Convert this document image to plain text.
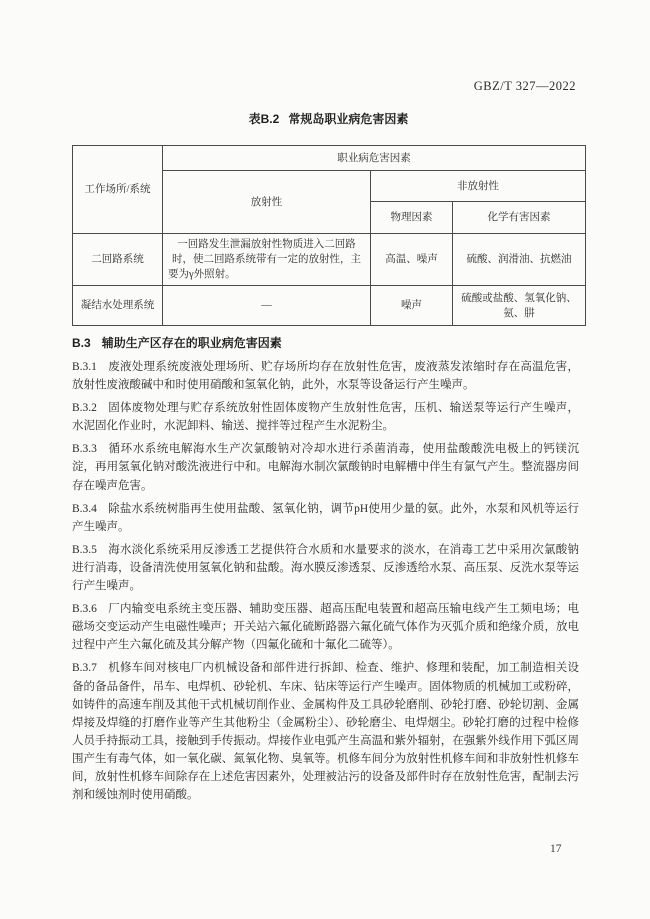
GBZ/T 327—2022
表B.2 常规岛职业病危害因素
工作场所/系统	职业病危害因素		
	放射性	非放射性	
		物理因素	化学有害因素
二回路系统	一回路发生泄漏放射性物质进入二回路时，使二回路系统带有一定的放射性，主要为γ外照射。	高温、噪声	硫酸、润滑油、抗燃油
凝结水处理系统	—	噪声	硫酸或盐酸、氢氧化钠、氨、肼
B.3 辅助生产区存在的职业病危害因素

B.3.1 废液处理系统废液处理场所、贮存场所均存在放射性危害，废液蒸发浓缩时存在高温危害，放射性废液酸碱中和时使用硝酸和氢氧化钠，此外，水泵等设备运行产生噪声。

B.3.2 固体废物处理与贮存系统放射性固体废物产生放射性危害，压机、输送泵等运行产生噪声，水泥固化作业时，水泥卸料、输送、搅拌等过程产生水泥粉尘。

B.3.3 循环水系统电解海水生产次氯酸钠对冷却水进行杀菌消毒，使用盐酸酸洗电极上的钙镁沉淀，再用氢氧化钠对酸洗液进行中和。电解海水制次氯酸钠时电解槽中伴生有氯气产生。整流器房间存在噪声危害。

B.3.4 除盐水系统树脂再生使用盐酸、氢氧化钠，调节pH使用少量的氨。此外，水泵和风机等运行产生噪声。

B.3.5 海水淡化系统采用反渗透工艺提供符合水质和水量要求的淡水，在消毒工艺中采用次氯酸钠进行消毒，设备清洗使用氢氧化钠和盐酸。海水膜反渗透泵、反渗透给水泵、高压泵、反洗水泵等运行产生噪声。

B.3.6 厂内输变电系统主变压器、辅助变压器、超高压配电装置和超高压输电线产生工频电场；电磁场交变运动产生电磁性噪声；开关站六氟化硫断路器六氟化硫气体作为灭弧介质和绝缘介质，放电过程中产生六氟化硫及其分解产物（四氟化硫和十氟化二硫等）。

B.3.7 机修车间对核电厂内机械设备和部件进行拆卸、检查、维护、修理和装配，加工制造相关设备的备品备件，吊车、电焊机、砂轮机、车床、钻床等运行产生噪声。固体物质的机械加工或粉碎，如铸件的高速车削及其他干式机械切削作业、金属构件及工具砂轮磨削、砂轮打磨、砂轮切割、金属焊接及焊缝的打磨作业等产生其他粉尘（金属粉尘）、砂轮磨尘、电焊烟尘。砂轮打磨的过程中检修人员手持振动工具，接触到手传振动。焊接作业电弧产生高温和紫外辐射，在强紫外线作用下弧区周围产生有毒气体，如一氧化碳、氮氧化物、臭氧等。机修车间分为放射性机修车间和非放射性机修车间，放射性机修车间除存在上述危害因素外，处理被沾污的设备及部件时存在放射性危害，配制去污剂和缓蚀剂时使用硝酸。

17
